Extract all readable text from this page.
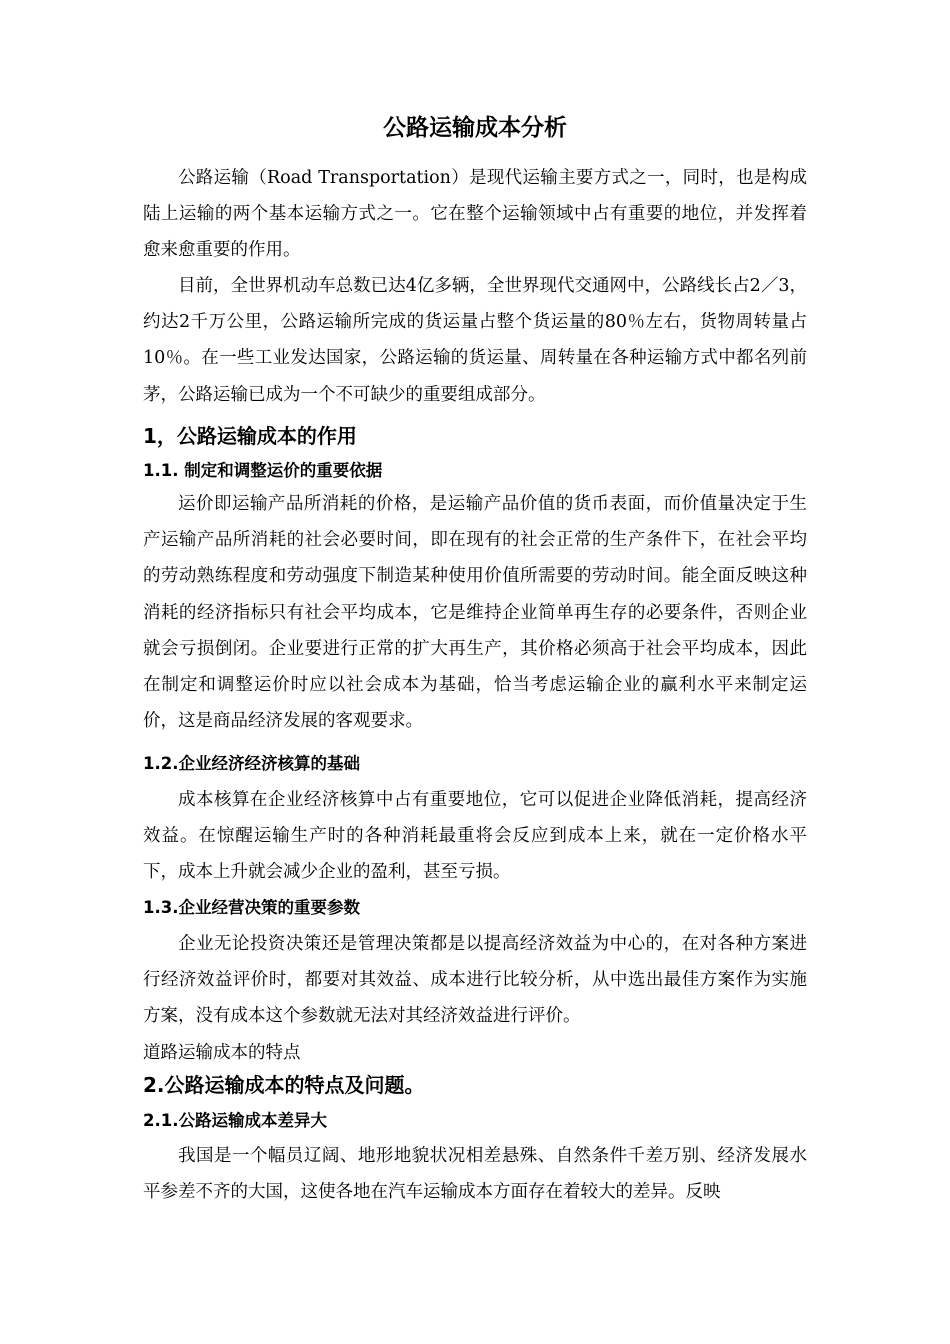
公路运输成本分析

公路运输（Road Transportation）是现代运输主要方式之一，同时，也是构成陆上运输的两个基本运输方式之一。它在整个运输领域中占有重要的地位，并发挥着愈来愈重要的作用。

目前，全世界机动车总数已达4亿多辆，全世界现代交通网中，公路线长占2／3，约达2千万公里，公路运输所完成的货运量占整个货运量的80％左右，货物周转量占10％。在一些工业发达国家，公路运输的货运量、周转量在各种运输方式中都名列前茅，公路运输已成为一个不可缺少的重要组成部分。

1，公路运输成本的作用
1.1. 制定和调整运价的重要依据

运价即运输产品所消耗的价格，是运输产品价值的货币表面，而价值量决定于生产运输产品所消耗的社会必要时间，即在现有的社会正常的生产条件下，在社会平均的劳动熟练程度和劳动强度下制造某种使用价值所需要的劳动时间。能全面反映这种消耗的经济指标只有社会平均成本，它是维持企业简单再生存的必要条件，否则企业就会亏损倒闭。企业要进行正常的扩大再生产，其价格必须高于社会平均成本，因此在制定和调整运价时应以社会成本为基础，恰当考虑运输企业的赢利水平来制定运价，这是商品经济发展的客观要求。

1.2.企业经济经济核算的基础

成本核算在企业经济核算中占有重要地位，它可以促进企业降低消耗，提高经济效益。在惊醒运输生产时的各种消耗最重将会反应到成本上来，就在一定价格水平下，成本上升就会减少企业的盈利，甚至亏损。

1.3.企业经营决策的重要参数

企业无论投资决策还是管理决策都是以提高经济效益为中心的，在对各种方案进行经济效益评价时，都要对其效益、成本进行比较分析，从中选出最佳方案作为实施方案，没有成本这个参数就无法对其经济效益进行评价。

道路运输成本的特点

2.公路运输成本的特点及问题。
2.1.公路运输成本差异大

我国是一个幅员辽阔、地形地貌状况相差悬殊、自然条件千差万别、经济发展水平参差不齐的大国，这使各地在汽车运输成本方面存在着较大的差异。反映
